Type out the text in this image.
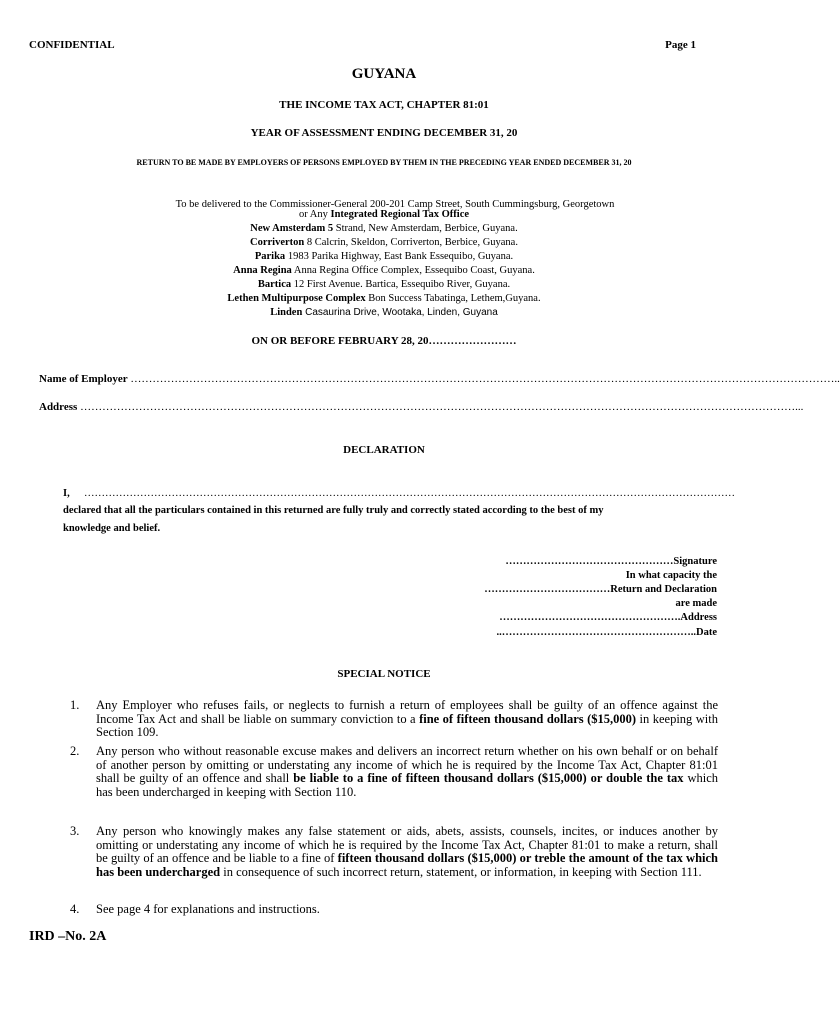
CONFIDENTIAL	Page 1
GUYANA
THE INCOME TAX ACT, CHAPTER 81:01
YEAR OF ASSESSMENT ENDING DECEMBER 31, 20
RETURN TO BE MADE BY EMPLOYERS OF PERSONS EMPLOYED BY THEM IN THE PRECEDING YEAR ENDED DECEMBER 31, 20
To be delivered to the Commissioner-General 200-201 Camp Street, South Cummingsburg, Georgetown
or Any Integrated Regional Tax Office
New Amsterdam 5 Strand, New Amsterdam, Berbice, Guyana.
Corriverton 8 Calcrin, Skeldon, Corriverton, Berbice, Guyana.
Parika 1983 Parika Highway, East Bank Essequibo, Guyana.
Anna Regina Anna Regina Office Complex, Essequibo Coast, Guyana.
Bartica 12 First Avenue. Bartica, Essequibo River, Guyana.
Lethen Multipurpose Complex Bon Success Tabatinga, Lethem,Guyana.
Linden Casaurina Drive, Wootaka, Linden, Guyana
ON OR BEFORE FEBRUARY 28, 20……………………
Name of Employer …………………………………………………………………………………………………………………………………………………………………………..
Address ……………………………………………………………………………………………………………………………………………………………………………...
DECLARATION
I, ……………………………………………………………………………………………………………………………………………………………………
declared that all the particulars contained in this returned are fully truly and correctly stated according to the best of my
knowledge and belief.
…………………………………………Signature
In what capacity the
………………………………Return and Declaration
are made
…………………………………………….Address
..………………………………………………..Date
SPECIAL NOTICE
1.	Any Employer who refuses fails, or neglects to furnish a return of employees shall be guilty of an offence against the Income Tax Act and shall be liable on summary conviction to a fine of fifteen thousand dollars ($15,000) in keeping with Section 109.
2.	Any person who without reasonable excuse makes and delivers an incorrect return whether on his own behalf or on behalf of another person by omitting or understating any income of which he is required by the Income Tax Act, Chapter 81:01 shall be guilty of an offence and shall be liable to a fine of fifteen thousand dollars ($15,000) or double the tax which has been undercharged in keeping with Section 110.
3.	Any person who knowingly makes any false statement or aids, abets, assists, counsels, incites, or induces another by omitting or understating any income of which he is required by the Income Tax Act, Chapter 81:01 to make a return, shall be guilty of an offence and be liable to a fine of fifteen thousand dollars ($15,000) or treble the amount of the tax which has been undercharged in consequence of such incorrect return, statement, or information, in keeping with Section 111.
4.	See page 4 for explanations and instructions.
IRD –No. 2A
